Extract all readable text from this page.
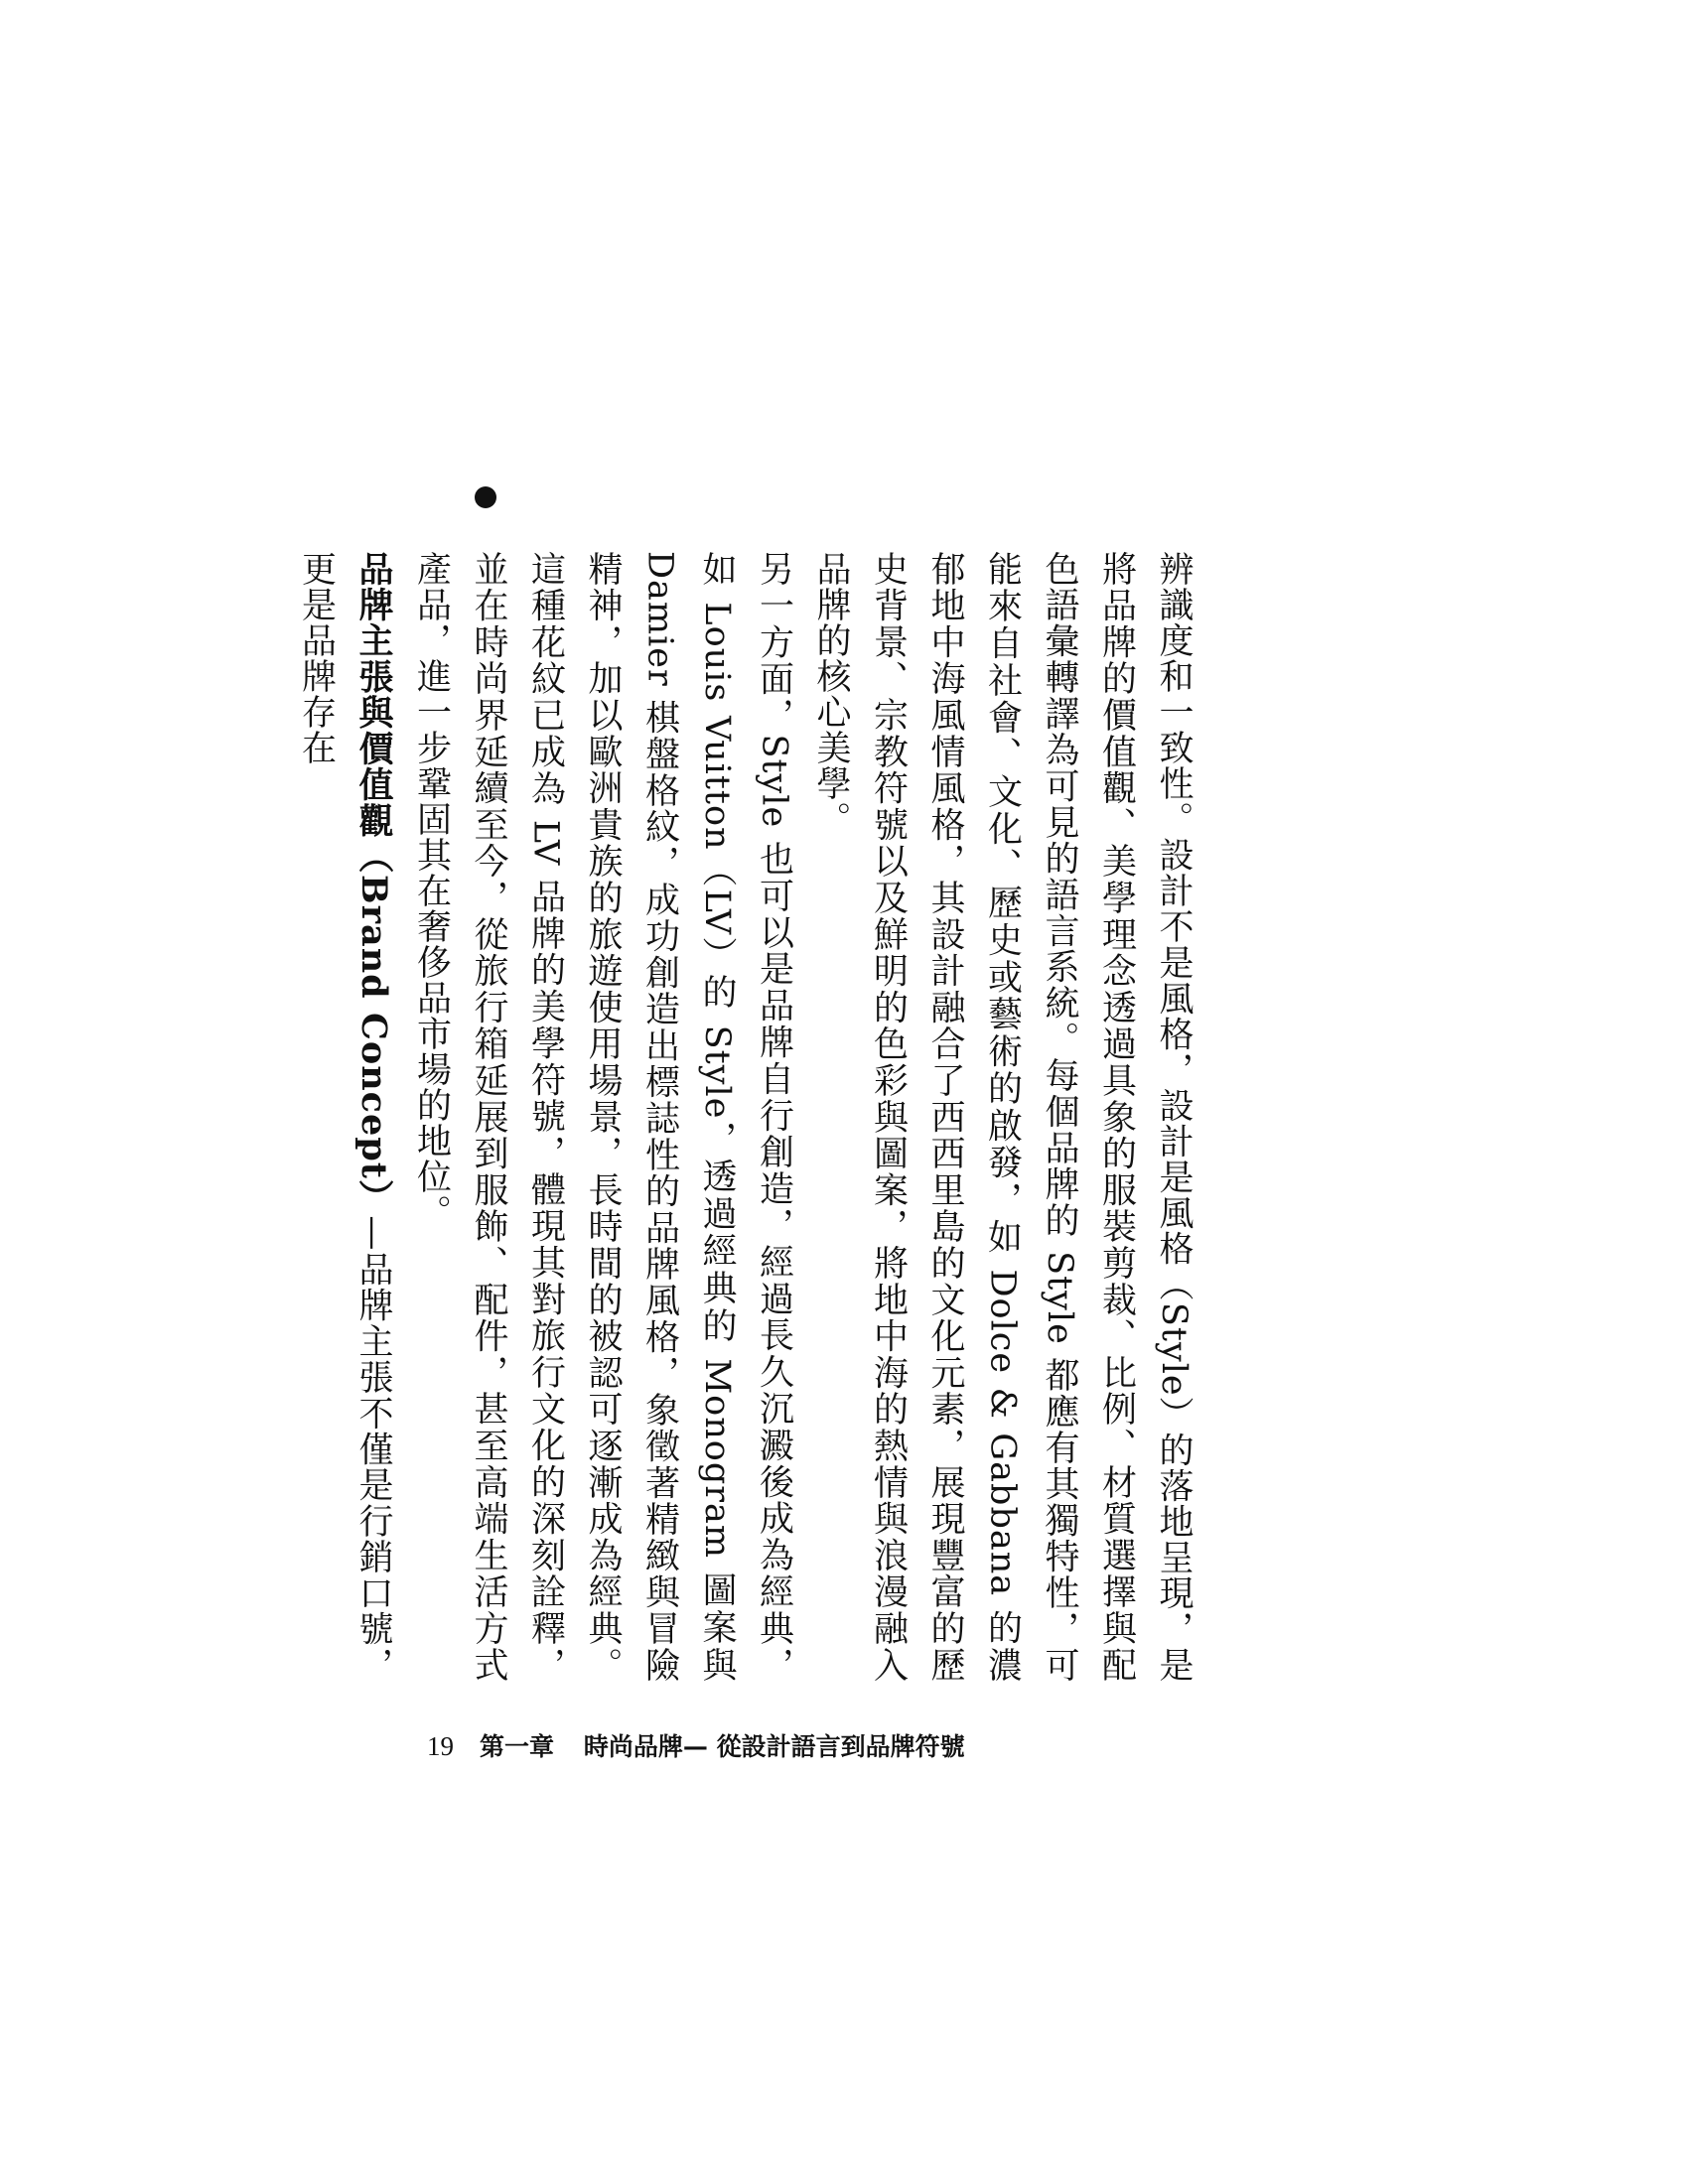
辨識度和一致性。設計不是風格，設計是風格（Style）的落地呈現，是將品牌的價值觀、美學理念透過具象的服裝剪裁、比例、材質選擇與配色語彙轉譯為可見的語言系統。每個品牌的 Style 都應有其獨特性，可能來自社會、文化、歷史或藝術的啟發，如 Dolce & Gabbana 的濃郁地中海風情風格，其設計融合了西西里島的文化元素，展現豐富的歷史背景、宗教符號以及鮮明的色彩與圖案，將地中海的熱情與浪漫融入品牌的核心美學。

另一方面，Style 也可以是品牌自行創造，經過長久沉澱後成為經典，如 Louis Vuitton（LV）的 Style，透過經典的 Monogram 圖案與 Damier 棋盤格紋，成功創造出標誌性的品牌風格，象徵著精緻與冒險精神，加以歐洲貴族的旅遊使用場景，長時間的被認可逐漸成為經典。這種花紋已成為 LV 品牌的美學符號，體現其對旅行文化的深刻詮釋，並在時尚界延續至今，從旅行箱延展到服飾、配件，甚至高端生活方式產品，進一步鞏固其在奢侈品市場的地位。

品牌主張與價值觀（Brand Concept）—品牌主張不僅是行銷口號，更是品牌存在

19 第一章 時尚品牌— 從設計語言到品牌符號
